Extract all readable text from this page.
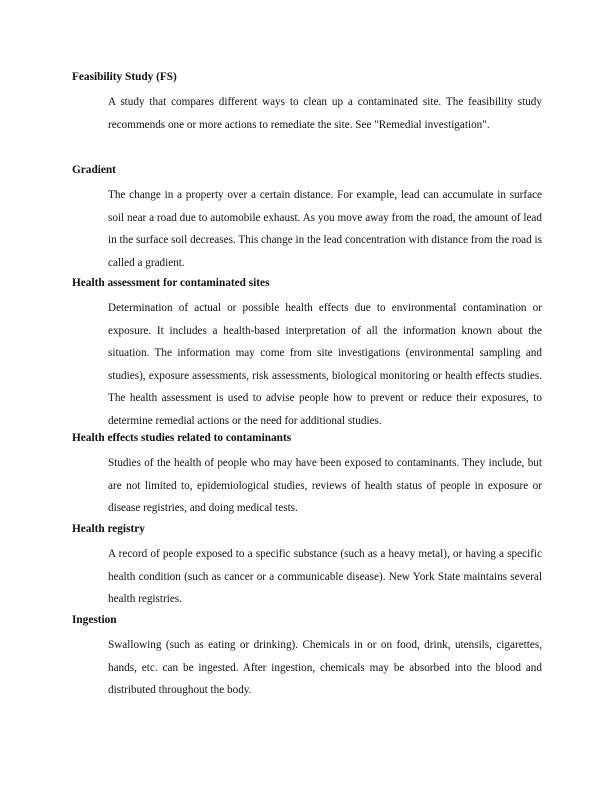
Feasibility Study (FS)

A study that compares different ways to clean up a contaminated site. The feasibility study recommends one or more actions to remediate the site. See "Remedial investigation".

Gradient

The change in a property over a certain distance. For example, lead can accumulate in surface soil near a road due to automobile exhaust. As you move away from the road, the amount of lead in the surface soil decreases. This change in the lead concentration with distance from the road is called a gradient.

Health assessment for contaminated sites

Determination of actual or possible health effects due to environmental contamination or exposure. It includes a health-based interpretation of all the information known about the situation. The information may come from site investigations (environmental sampling and studies), exposure assessments, risk assessments, biological monitoring or health effects studies. The health assessment is used to advise people how to prevent or reduce their exposures, to determine remedial actions or the need for additional studies.

Health effects studies related to contaminants

Studies of the health of people who may have been exposed to contaminants. They include, but are not limited to, epidemiological studies, reviews of health status of people in exposure or disease registries, and doing medical tests.

Health registry

A record of people exposed to a specific substance (such as a heavy metal), or having a specific health condition (such as cancer or a communicable disease). New York State maintains several health registries.

Ingestion

Swallowing (such as eating or drinking). Chemicals in or on food, drink, utensils, cigarettes, hands, etc. can be ingested. After ingestion, chemicals may be absorbed into the blood and distributed throughout the body.
